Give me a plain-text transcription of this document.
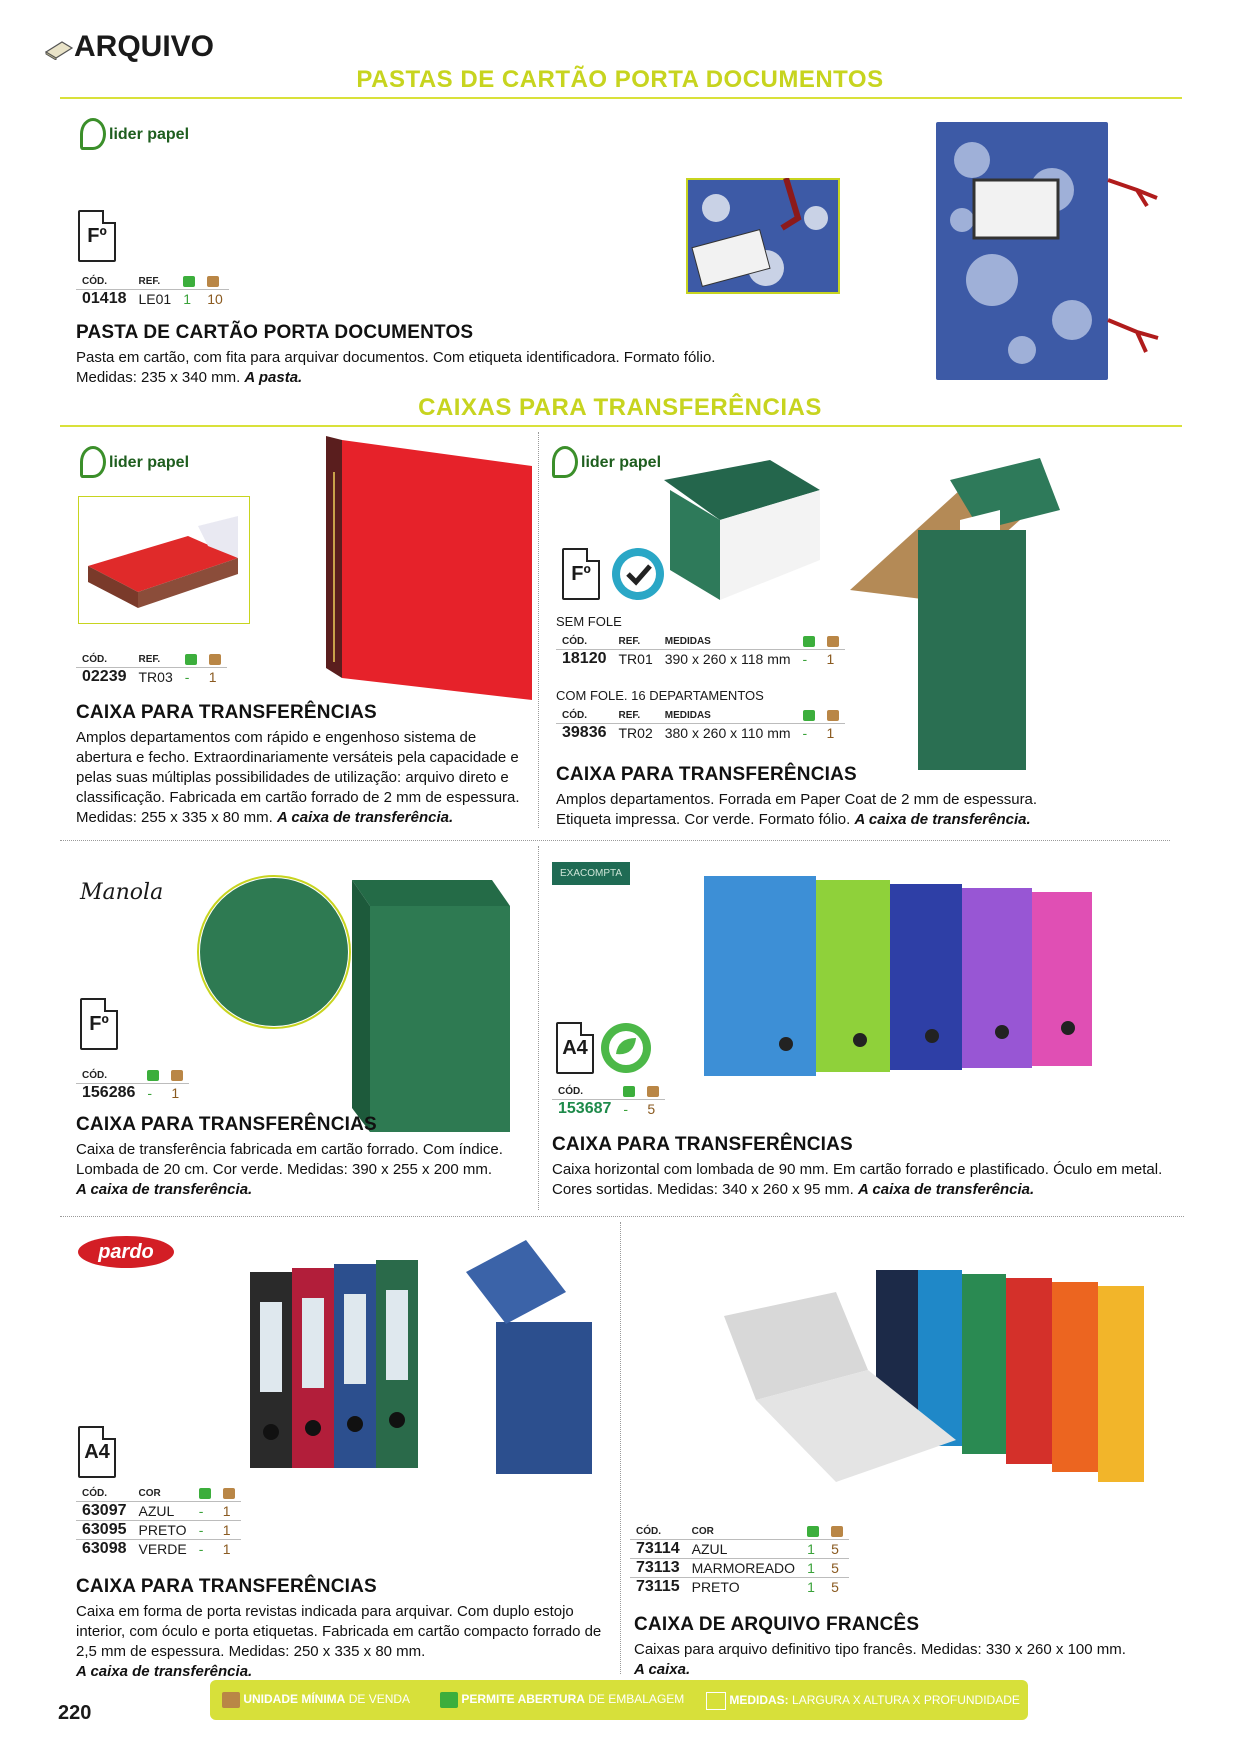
ARQUIVO
PASTAS DE CARTÃO PORTA DOCUMENTOS
lider papel
Fº
CÓD.	REF.		
01418	LE01	1	10
PASTA DE CARTÃO PORTA DOCUMENTOS
Pasta em cartão, com fita para arquivar documentos. Com etiqueta identificadora. Formato fólio.
Medidas: 235 x 340 mm. A pasta.
CAIXAS PARA TRANSFERÊNCIAS
lider papel
CÓD.	REF.		
02239	TR03	-	1
CAIXA PARA TRANSFERÊNCIAS
Amplos departamentos com rápido e engenhoso sistema de abertura e fecho. Extraordinariamente versáteis pela capacidade e pelas suas múltiplas possibilidades de utilização: arquivo direto e classificação. Fabricada em cartão forrado de 2 mm de espessura. Medidas: 255 x 335 x 80 mm. A caixa de transferência.
lider papel
Fº
SEM FOLE
CÓD.	REF.	MEDIDAS		
18120	TR01	390 x 260 x 118 mm	-	1
COM FOLE. 16 DEPARTAMENTOS
CÓD.	REF.	MEDIDAS		
39836	TR02	380 x 260 x 110 mm	-	1
CAIXA PARA TRANSFERÊNCIAS
Amplos departamentos. Forrada em Paper Coat de 2 mm de espessura. Etiqueta impressa. Cor verde. Formato fólio. A caixa de transferência.
Manola
Fº
CÓD.		
156286	-	1
CAIXA PARA TRANSFERÊNCIAS
Caixa de transferência fabricada em cartão forrado. Com índice. Lombada de 20 cm. Cor verde. Medidas: 390 x 255 x 200 mm.
A caixa de transferência.
EXACOMPTA
A4
CÓD.		
153687	-	5
CAIXA PARA TRANSFERÊNCIAS
Caixa horizontal com lombada de 90 mm. Em cartão forrado e plastificado. Óculo em metal. Cores sortidas. Medidas: 340 x 260 x 95 mm. A caixa de transferência.
pardo
A4
CÓD.	COR		
63097	AZUL	-	1
63095	PRETO	-	1
63098	VERDE	-	1
CAIXA PARA TRANSFERÊNCIAS
Caixa em forma de porta revistas indicada para arquivar. Com duplo estojo interior, com óculo e porta etiquetas. Fabricada em cartão compacto forrado de 2,5 mm de espessura. Medidas: 250 x 335 x 80 mm.
A caixa de transferência.
CÓD.	COR		
73114	AZUL	1	5
73113	MARMOREADO	1	5
73115	PRETO	1	5
CAIXA DE ARQUIVO FRANCÊS
Caixas para arquivo definitivo tipo francês. Medidas: 330 x 260 x 100 mm.
A caixa.
220
UNIDADE MÍNIMA DE VENDA	PERMITE ABERTURA DE EMBALAGEM	MEDIDAS: LARGURA X ALTURA X PROFUNDIDADE
